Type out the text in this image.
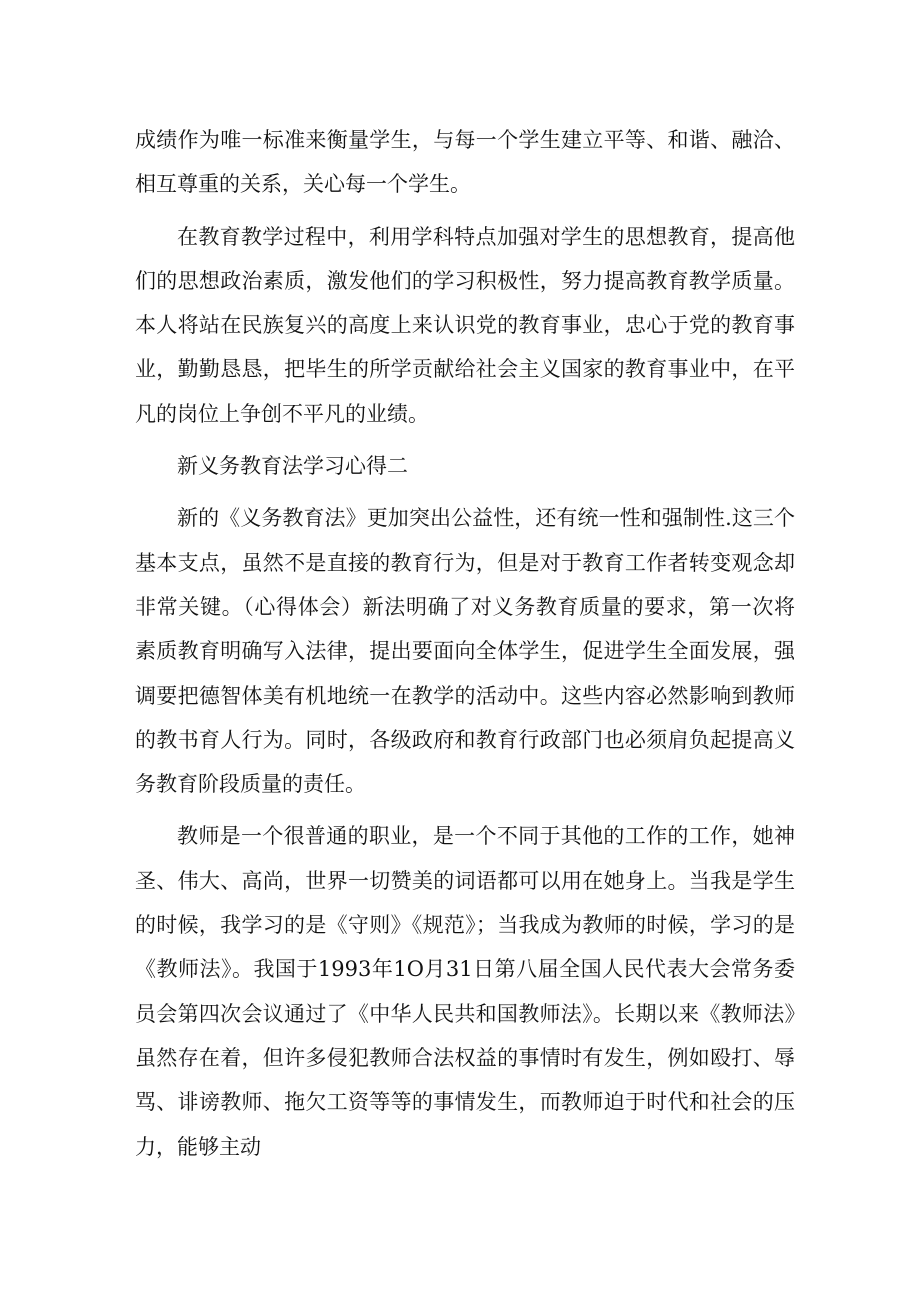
成绩作为唯一标准来衡量学生，与每一个学生建立平等、和谐、融洽、相互尊重的关系，关心每一个学生。

在教育教学过程中，利用学科特点加强对学生的思想教育，提高他们的思想政治素质，激发他们的学习积极性，努力提高教育教学质量。本人将站在民族复兴的高度上来认识党的教育事业，忠心于党的教育事业，勤勤恳恳，把毕生的所学贡献给社会主义国家的教育事业中，在平凡的岗位上争创不平凡的业绩。

新义务教育法学习心得二

新的《义务教育法》更加突出公益性，还有统一性和强制性.这三个基本支点，虽然不是直接的教育行为，但是对于教育工作者转变观念却非常关键。（心得体会）新法明确了对义务教育质量的要求，第一次将素质教育明确写入法律，提出要面向全体学生，促进学生全面发展，强调要把德智体美有机地统一在教学的活动中。这些内容必然影响到教师的教书育人行为。同时，各级政府和教育行政部门也必须肩负起提高义务教育阶段质量的责任。

教师是一个很普通的职业，是一个不同于其他的工作的工作，她神圣、伟大、高尚，世界一切赞美的词语都可以用在她身上。当我是学生的时候，我学习的是《守则》《规范》；当我成为教师的时候，学习的是《教师法》。我国于1993年1O月31日第八届全国人民代表大会常务委员会第四次会议通过了《中华人民共和国教师法》。长期以来《教师法》虽然存在着，但许多侵犯教师合法权益的事情时有发生，例如殴打、辱骂、诽谤教师、拖欠工资等等的事情发生，而教师迫于时代和社会的压力，能够主动
